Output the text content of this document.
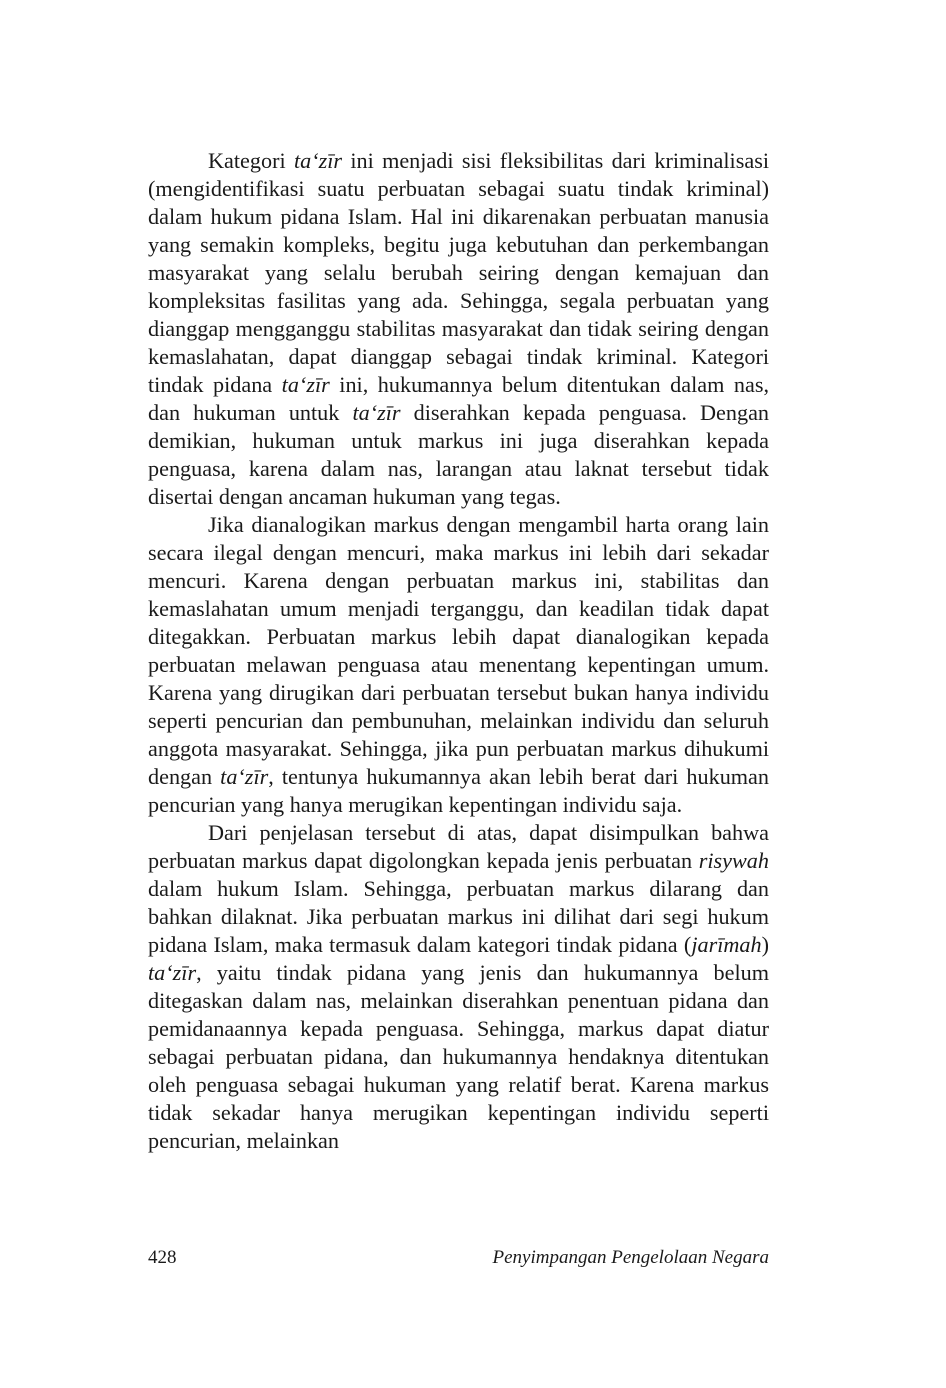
Kategori ta‘zīr ini menjadi sisi fleksibilitas dari kriminalisasi (mengidentifikasi suatu perbuatan sebagai suatu tindak kriminal) dalam hukum pidana Islam. Hal ini dikarenakan perbuatan manusia yang semakin kompleks, begitu juga kebutuhan dan perkembangan masyarakat yang selalu berubah seiring dengan kemajuan dan kompleksitas fasilitas yang ada. Sehingga, segala perbuatan yang dianggap mengganggu stabilitas masyarakat dan tidak seiring dengan kemaslahatan, dapat dianggap sebagai tindak kriminal. Kategori tindak pidana ta‘zīr ini, hukumannya belum ditentukan dalam nas, dan hukuman untuk ta‘zīr diserahkan kepada penguasa. Dengan demikian, hukuman untuk markus ini juga diserahkan kepada penguasa, karena dalam nas, larangan atau laknat tersebut tidak disertai dengan ancaman hukuman yang tegas.

Jika dianalogikan markus dengan mengambil harta orang lain secara ilegal dengan mencuri, maka markus ini lebih dari sekadar mencuri. Karena dengan perbuatan markus ini, stabilitas dan kemaslahatan umum menjadi terganggu, dan keadilan tidak dapat ditegakkan. Perbuatan markus lebih dapat dianalogikan kepada perbuatan melawan penguasa atau menentang kepentingan umum. Karena yang dirugikan dari perbuatan tersebut bukan hanya individu seperti pencurian dan pembunuhan, melainkan individu dan seluruh anggota masyarakat. Sehingga, jika pun perbuatan markus dihukumi dengan ta‘zīr, tentunya hukumannya akan lebih berat dari hukuman pencurian yang hanya merugikan kepentingan individu saja.

Dari penjelasan tersebut di atas, dapat disimpulkan bahwa perbuatan markus dapat digolongkan kepada jenis perbuatan risywah dalam hukum Islam. Sehingga, perbuatan markus dilarang dan bahkan dilaknat. Jika perbuatan markus ini dilihat dari segi hukum pidana Islam, maka termasuk dalam kategori tindak pidana (jarīmah) ta‘zīr, yaitu tindak pidana yang jenis dan hukumannya belum ditegaskan dalam nas, melainkan diserahkan penentuan pidana dan pemidanaannya kepada penguasa. Sehingga, markus dapat diatur sebagai perbuatan pidana, dan hukumannya hendaknya ditentukan oleh penguasa sebagai hukuman yang relatif berat. Karena markus tidak sekadar hanya merugikan kepentingan individu seperti pencurian, melainkan

428	Penyimpangan Pengelolaan Negara
